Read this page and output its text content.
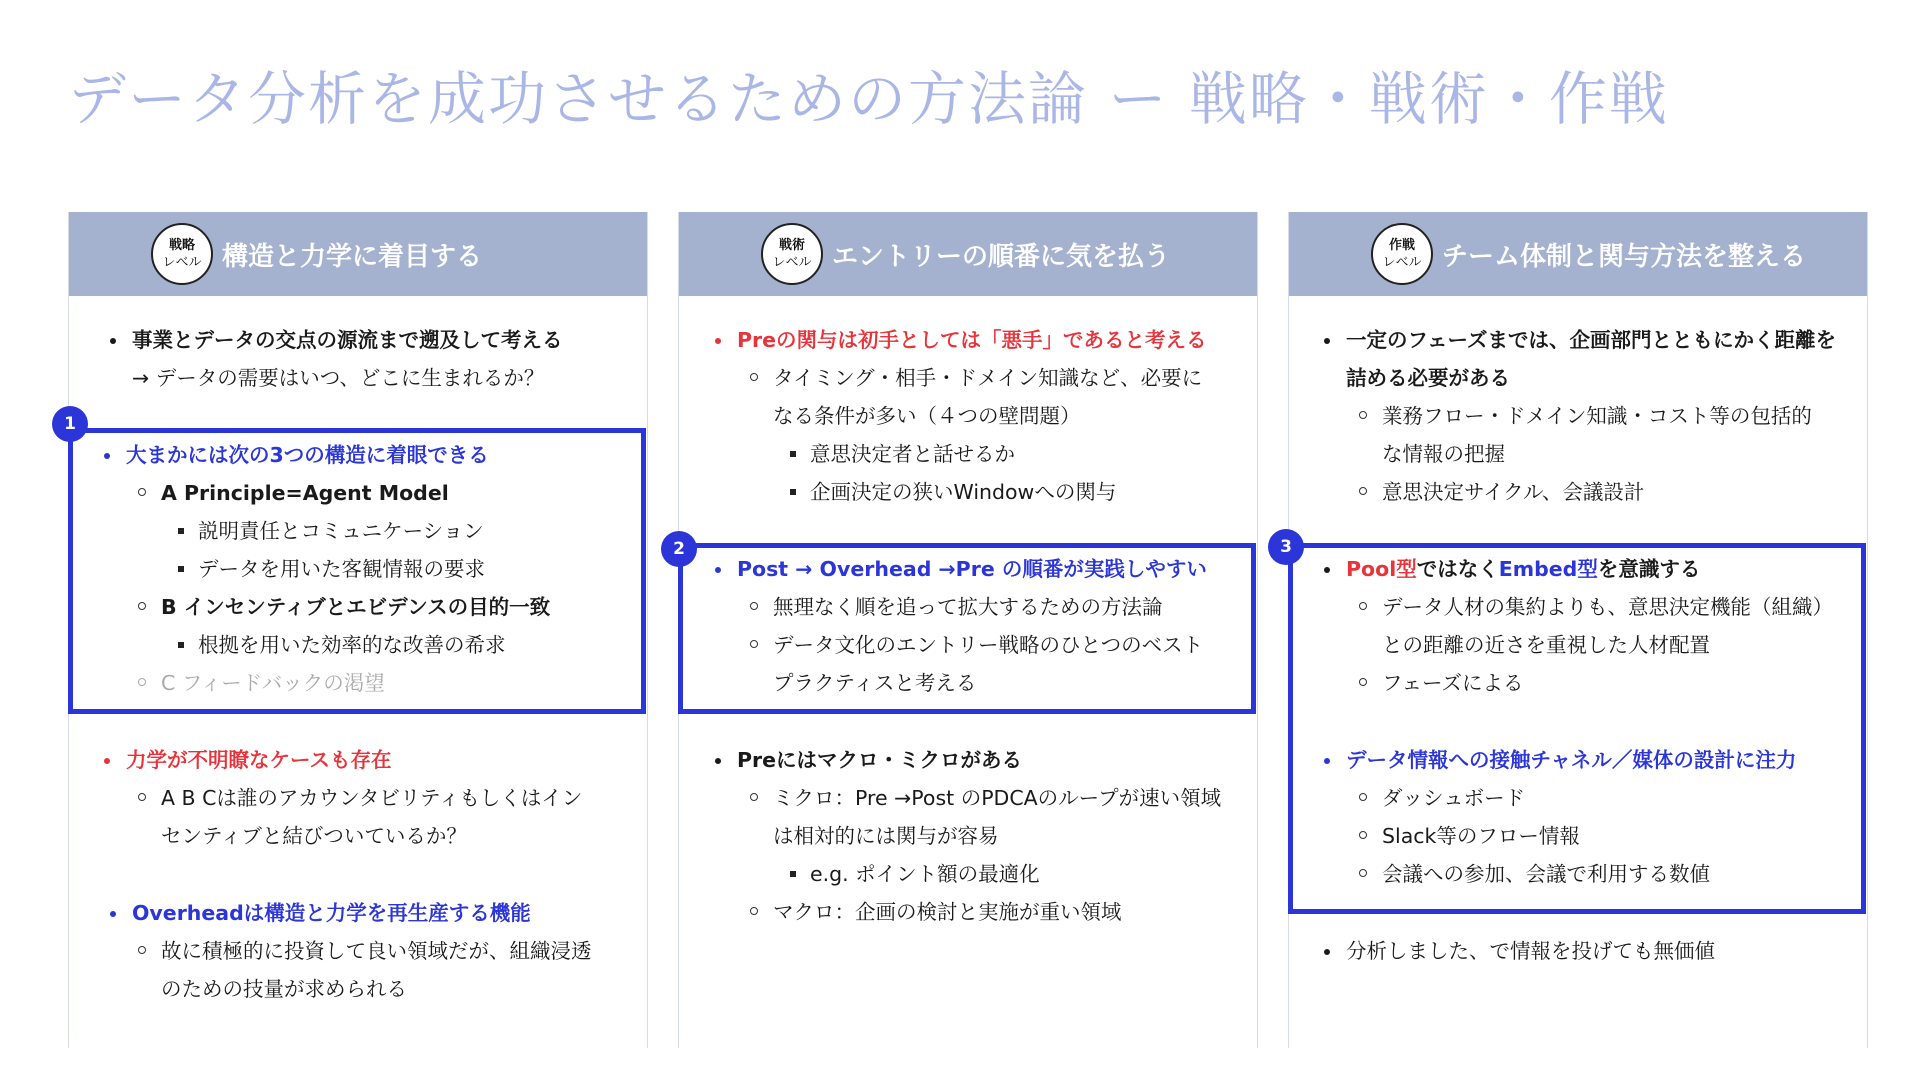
データ分析を成功させるための方法論 ー 戦略・戦術・作戦
戦略
レベル 構造と力学に着目する
事業とデータの交点の源流まで遡及して考える
→ データの需要はいつ、どこに生まれるか？
1
大まかには次の3つの構造に着眼できる
A Principle=Agent Model
説明責任とコミュニケーション
データを用いた客観情報の要求
B インセンティブとエビデンスの目的一致
根拠を用いた効率的な改善の希求
C フィードバックの渇望
力学が不明瞭なケースも存在
A B Cは誰のアカウンタビリティもしくはイン
センティブと結びついているか？
Overheadは構造と力学を再生産する機能
故に積極的に投資して良い領域だが、組織浸透
のための技量が求められる
戦術
レベル エントリーの順番に気を払う
Preの関与は初手としては「悪手」であると考える
タイミング・相手・ドメイン知識など、必要に
なる条件が多い（４つの壁問題）
意思決定者と話せるか
企画決定の狭いWindowへの関与
2
Post → Overhead →Pre の順番が実践しやすい
無理なく順を追って拡大するための方法論
データ文化のエントリー戦略のひとつのベスト
プラクティスと考える
Preにはマクロ・ミクロがある
ミクロ：Pre →Post のPDCAのループが速い領域
は相対的には関与が容易
e.g. ポイント額の最適化
マクロ：企画の検討と実施が重い領域
作戦
レベル チーム体制と関与方法を整える
一定のフェーズまでは、企画部門とともにかく距離を
詰める必要がある
業務フロー・ドメイン知識・コスト等の包括的
な情報の把握
意思決定サイクル、会議設計
3
Pool型ではなくEmbed型を意識する
データ人材の集約よりも、意思決定機能（組織）
との距離の近さを重視した人材配置
フェーズによる
データ情報への接触チャネル／媒体の設計に注力
ダッシュボード
Slack等のフロー情報
会議への参加、会議で利用する数値
分析しました、で情報を投げても無価値
